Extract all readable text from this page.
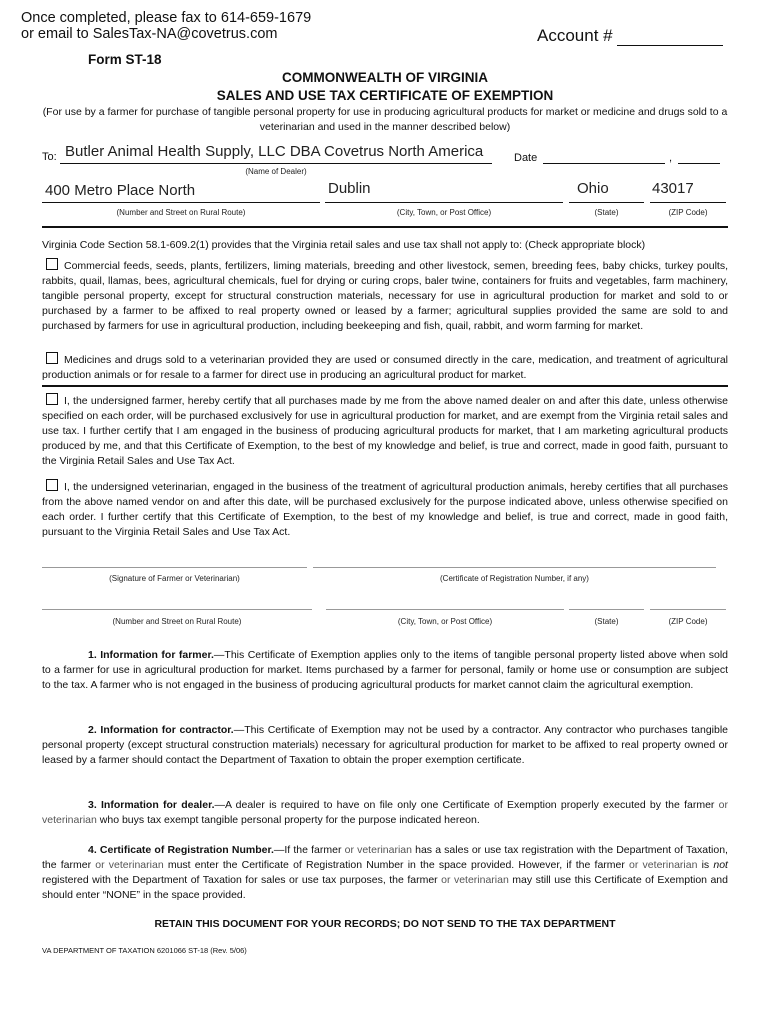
Once completed, please fax to 614-659-1679
or email to SalesTax-NA@covetrus.com	Account #
Form ST-18
COMMONWEALTH OF VIRGINIA
SALES AND USE TAX CERTIFICATE OF EXEMPTION
(For use by a farmer for purchase of tangible personal property for use in producing agricultural products for market or medicine and drugs sold to a veterinarian and used in the manner described below)
To: Butler Animal Health Supply, LLC DBA Covetrus North America
(Name of Dealer)
Date	,
400 Metro Place North	Dublin	Ohio	43017
(Number and Street on Rural Route)	(City, Town, or Post Office)	(State)	(ZIP Code)
Virginia Code Section 58.1-609.2(1) provides that the Virginia retail sales and use tax shall not apply to: (Check appropriate block)
Commercial feeds, seeds, plants, fertilizers, liming materials, breeding and other livestock, semen, breeding fees, baby chicks, turkey poults, rabbits, quail, llamas, bees, agricultural chemicals, fuel for drying or curing crops, baler twine, containers for fruits and vegetables, farm machinery, tangible personal property, except for structural construction materials, necessary for use in agricultural production for market and sold to or purchased by a farmer to be affixed to real property owned or leased by a farmer; agricultural supplies provided the same are sold to and purchased by farmers for use in agricultural production, including beekeeping and fish, quail, rabbit, and worm farming for market.
Medicines and drugs sold to a veterinarian provided they are used or consumed directly in the care, medication, and treatment of agricultural production animals or for resale to a farmer for direct use in producing an agricultural product for market.
I, the undersigned farmer, hereby certify that all purchases made by me from the above named dealer on and after this date, unless otherwise specified on each order, will be purchased exclusively for use in agricultural production for market, and are exempt from the Virginia retail sales and use tax. I further certify that I am engaged in the business of producing agricultural products for market, that I am marketing agricultural products produced by me, and that this Certificate of Exemption, to the best of my knowledge and belief, is true and correct, made in good faith, pursuant to the Virginia Retail Sales and Use Tax Act.
I, the undersigned veterinarian, engaged in the business of the treatment of agricultural production animals, hereby certifies that all purchases from the above named vendor on and after this date, will be purchased exclusively for the purpose indicated above, unless otherwise specified on each order. I further certify that this Certificate of Exemption, to the best of my knowledge and belief, is true and correct, made in good faith, pursuant to the Virginia Retail Sales and Use Tax Act.
(Signature of Farmer or Veterinarian)	(Certificate of Registration Number, if any)
(Number and Street on Rural Route)	(City, Town, or Post Office)	(State)	(ZIP Code)
1. Information for farmer.—This Certificate of Exemption applies only to the items of tangible personal property listed above when sold to a farmer for use in agricultural production for market. Items purchased by a farmer for personal, family or home use or consumption are subject to the tax. A farmer who is not engaged in the business of producing agricultural products for market cannot claim the agricultural exemption.
2. Information for contractor.—This Certificate of Exemption may not be used by a contractor. Any contractor who purchases tangible personal property (except structural construction materials) necessary for agricultural production for market to be affixed to real property owned or leased by a farmer should contact the Department of Taxation to obtain the proper exemption certificate.
3. Information for dealer.—A dealer is required to have on file only one Certificate of Exemption properly executed by the farmer or veterinarian who buys tax exempt tangible personal property for the purpose indicated hereon.
4. Certificate of Registration Number.—If the farmer or veterinarian has a sales or use tax registration with the Department of Taxation, the farmer or veterinarian must enter the Certificate of Registration Number in the space provided. However, if the farmer or veterinarian is not registered with the Department of Taxation for sales or use tax purposes, the farmer or veterinarian may still use this Certificate of Exemption and should enter “NONE” in the space provided.
RETAIN THIS DOCUMENT FOR YOUR RECORDS; DO NOT SEND TO THE TAX DEPARTMENT
VA DEPARTMENT OF TAXATION 6201066 ST-18 (Rev. 5/06)
